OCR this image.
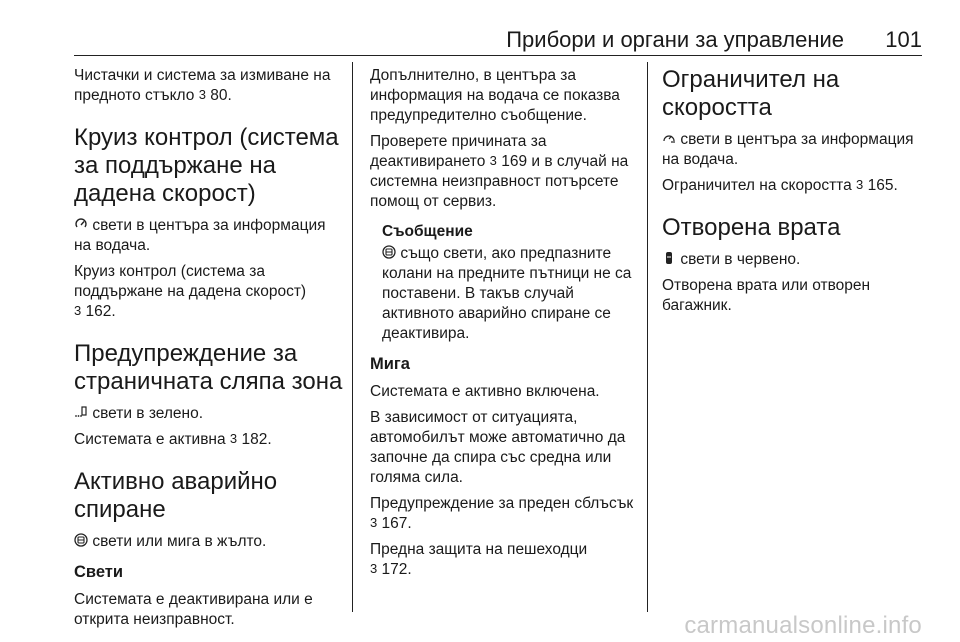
Прибори и органи за управление 101

Чистачки и система за измиване на предното стъкло 3 80.

Круиз контрол (система за поддържане на дадена скорост)

свети в центъра за информация на водача.

Круиз контрол (система за поддържане на дадена скорост)
3 162.

Предупреждение за страничната сляпа зона

свети в зелено.

Системата е активна 3 182.

Активно аварийно спиране

свети или мига в жълто.

Свети

Системата е деактивирана или е открита неизправност.

Допълнително, в центъра за информация на водача се показва предупредително съобщение.

Проверете причината за деактивирането 3 169 и в случай на системна неизправност потърсете помощ от сервиз.

Съобщение
също свети, ако предпазните колани на предните пътници не са поставени. В такъв случай активното аварийно спиране се деактивира.
Мига

Системата е активно включена.

В зависимост от ситуацията, автомобилът може автоматично да започне да спира със средна или голяма сила.

Предупреждение за преден сблъсък 3 167.

Предна защита на пешеходци
3 172.

Ограничител на скоростта

свети в центъра за информация на водача.

Ограничител на скоростта 3 165.

Отворена врата

свети в червено.

Отворена врата или отворен багажник.

carmanualsonline.info
